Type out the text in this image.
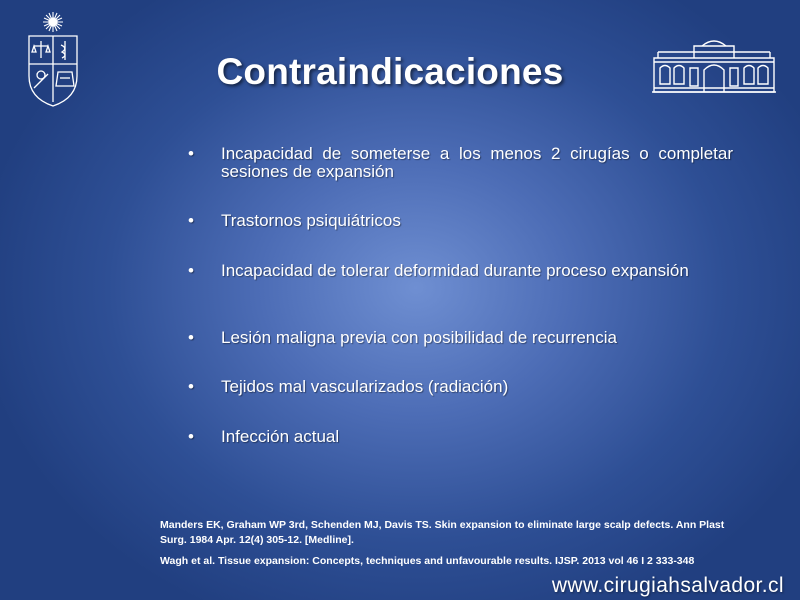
Contraindicaciones
•	Incapacidad de someterse a los menos 2 cirugías o completar sesiones de expansión
•	Trastornos psiquiátricos
•	Incapacidad de tolerar deformidad durante proceso expansión
•	Lesión maligna previa con posibilidad de recurrencia
•	Tejidos mal vascularizados (radiación)
•	Infección actual
Manders EK, Graham WP 3rd, Schenden MJ, Davis TS. Skin expansion to eliminate large scalp defects. Ann Plast
Surg. 1984 Apr. 12(4) 305-12. [Medline].
Wagh et al. Tissue expansion: Concepts, techniques and unfavourable results. IJSP. 2013 vol 46 I 2 333-348
www.cirugiahsalvador.cl
